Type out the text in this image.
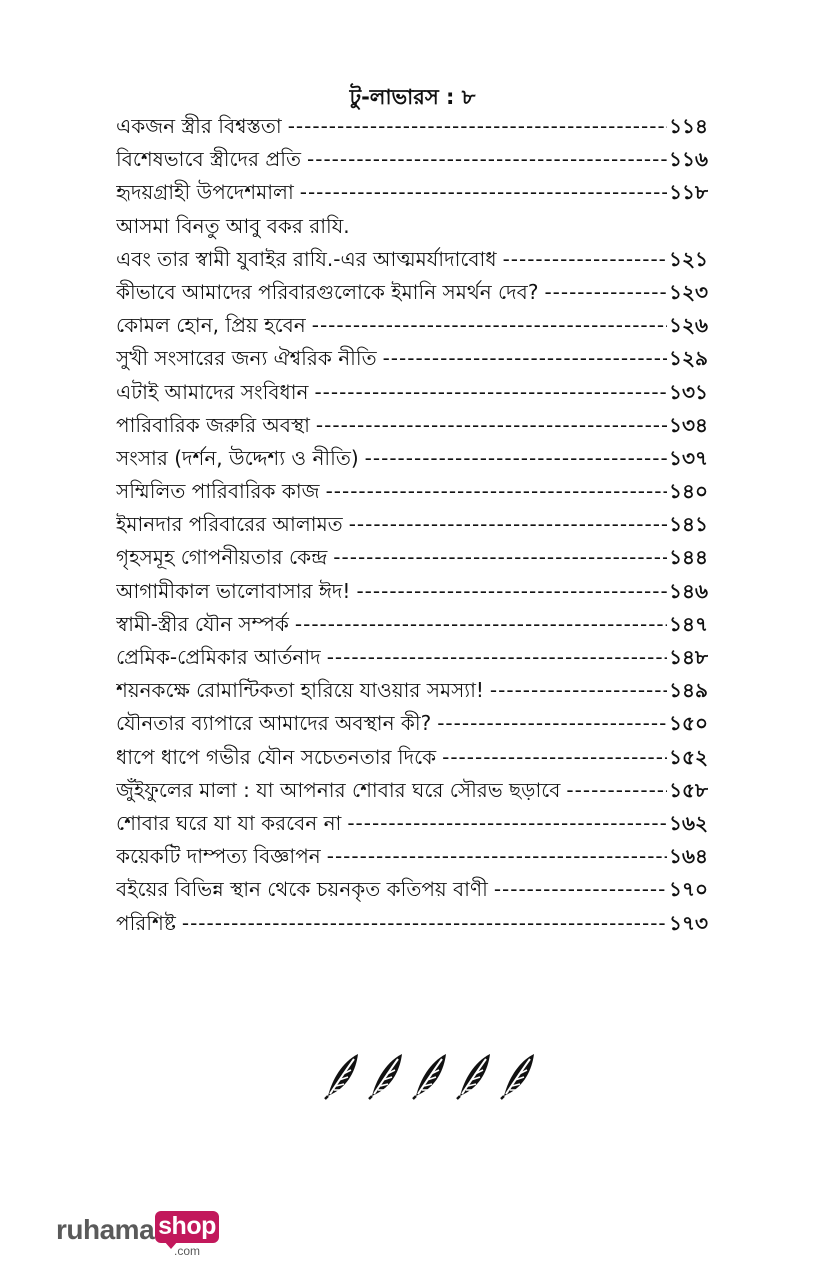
টু-লাভারস : ৮
একজন স্ত্রীর বিশ্বস্ততা -----	১১৪
বিশেষভাবে স্ত্রীদের প্রতি -----	১১৬
হৃদয়গ্রাহী উপদেশমালা -----	১১৮
আসমা বিনতু আবু বকর রাযি.
এবং তার স্বামী যুবাইর রাযি.-এর আত্মমর্যাদাবোধ -----	১২১
কীভাবে আমাদের পরিবারগুলোকে ইমানি সমর্থন দেব? -----	১২৩
কোমল হোন, প্রিয় হবেন -----	১২৬
সুখী সংসারের জন্য ঐশ্বরিক নীতি -----	১২৯
এটাই আমাদের সংবিধান -----	১৩১
পারিবারিক জরুরি অবস্থা -----	১৩৪
সংসার (দর্শন, উদ্দেশ্য ও নীতি) -----	১৩৭
সম্মিলিত পারিবারিক কাজ -----	১৪০
ইমানদার পরিবারের আলামত -----	১৪১
গৃহসমূহ গোপনীয়তার কেন্দ্র -----	১৪৪
আগামীকাল ভালোবাসার ঈদ! -----	১৪৬
স্বামী-স্ত্রীর যৌন সম্পর্ক -----	১৪৭
প্রেমিক-প্রেমিকার আর্তনাদ -----	১৪৮
শয়নকক্ষে রোমান্টিকতা হারিয়ে যাওয়ার সমস্যা! -----	১৪৯
যৌনতার ব্যাপারে আমাদের অবস্থান কী? -----	১৫০
ধাপে ধাপে গভীর যৌন সচেতনতার দিকে -----	১৫২
জুঁইফুলের মালা : যা আপনার শোবার ঘরে সৌরভ ছড়াবে -----	১৫৮
শোবার ঘরে যা যা করবেন না -----	১৬২
কয়েকটি দাম্পত্য বিজ্ঞাপন -----	১৬৪
বইয়ের বিভিন্ন স্থান থেকে চয়নকৃত কতিপয় বাণী -----	১৭০
পরিশিষ্ট -----	১৭৩
ruhama shop
.com
